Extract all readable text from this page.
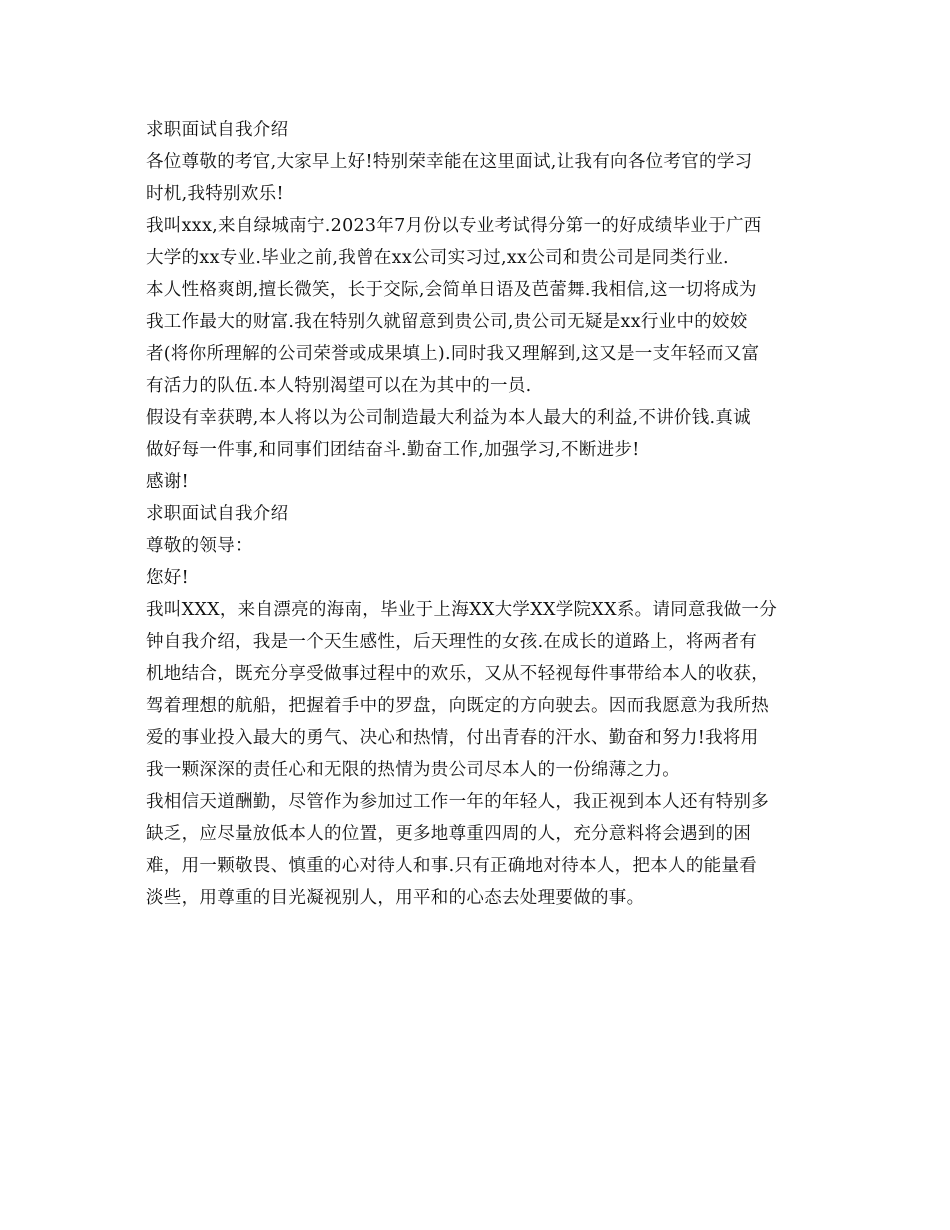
求职面试自我介绍
各位尊敬的考官,大家早上好!特别荣幸能在这里面试,让我有向各位考官的学习
时机,我特别欢乐!
我叫xxx,来自绿城南宁.2023年7月份以专业考试得分第一的好成绩毕业于广西
大学的xx专业.毕业之前,我曾在xx公司实习过,xx公司和贵公司是同类行业.
本人性格爽朗,擅长微笑，长于交际,会简单日语及芭蕾舞.我相信,这一切将成为
我工作最大的财富.我在特别久就留意到贵公司,贵公司无疑是xx行业中的姣姣
者(将你所理解的公司荣誉或成果填上).同时我又理解到,这又是一支年轻而又富
有活力的队伍.本人特别渴望可以在为其中的一员.
假设有幸获聘,本人将以为公司制造最大利益为本人最大的利益,不讲价钱.真诚
做好每一件事,和同事们团结奋斗.勤奋工作,加强学习,不断进步!
感谢!
求职面试自我介绍
尊敬的领导：
您好!
我叫XXX，来自漂亮的海南，毕业于上海XX大学XX学院XX系。请同意我做一分
钟自我介绍，我是一个天生感性，后天理性的女孩.在成长的道路上，将两者有
机地结合，既充分享受做事过程中的欢乐，又从不轻视每件事带给本人的收获，
驾着理想的航船，把握着手中的罗盘，向既定的方向驶去。因而我愿意为我所热
爱的事业投入最大的勇气、决心和热情，付出青春的汗水、勤奋和努力!我将用
我一颗深深的责任心和无限的热情为贵公司尽本人的一份绵薄之力。
我相信天道酬勤，尽管作为参加过工作一年的年轻人，我正视到本人还有特别多
缺乏，应尽量放低本人的位置，更多地尊重四周的人，充分意料将会遇到的困
难，用一颗敬畏、慎重的心对待人和事.只有正确地对待本人，把本人的能量看
淡些，用尊重的目光凝视别人，用平和的心态去处理要做的事。
